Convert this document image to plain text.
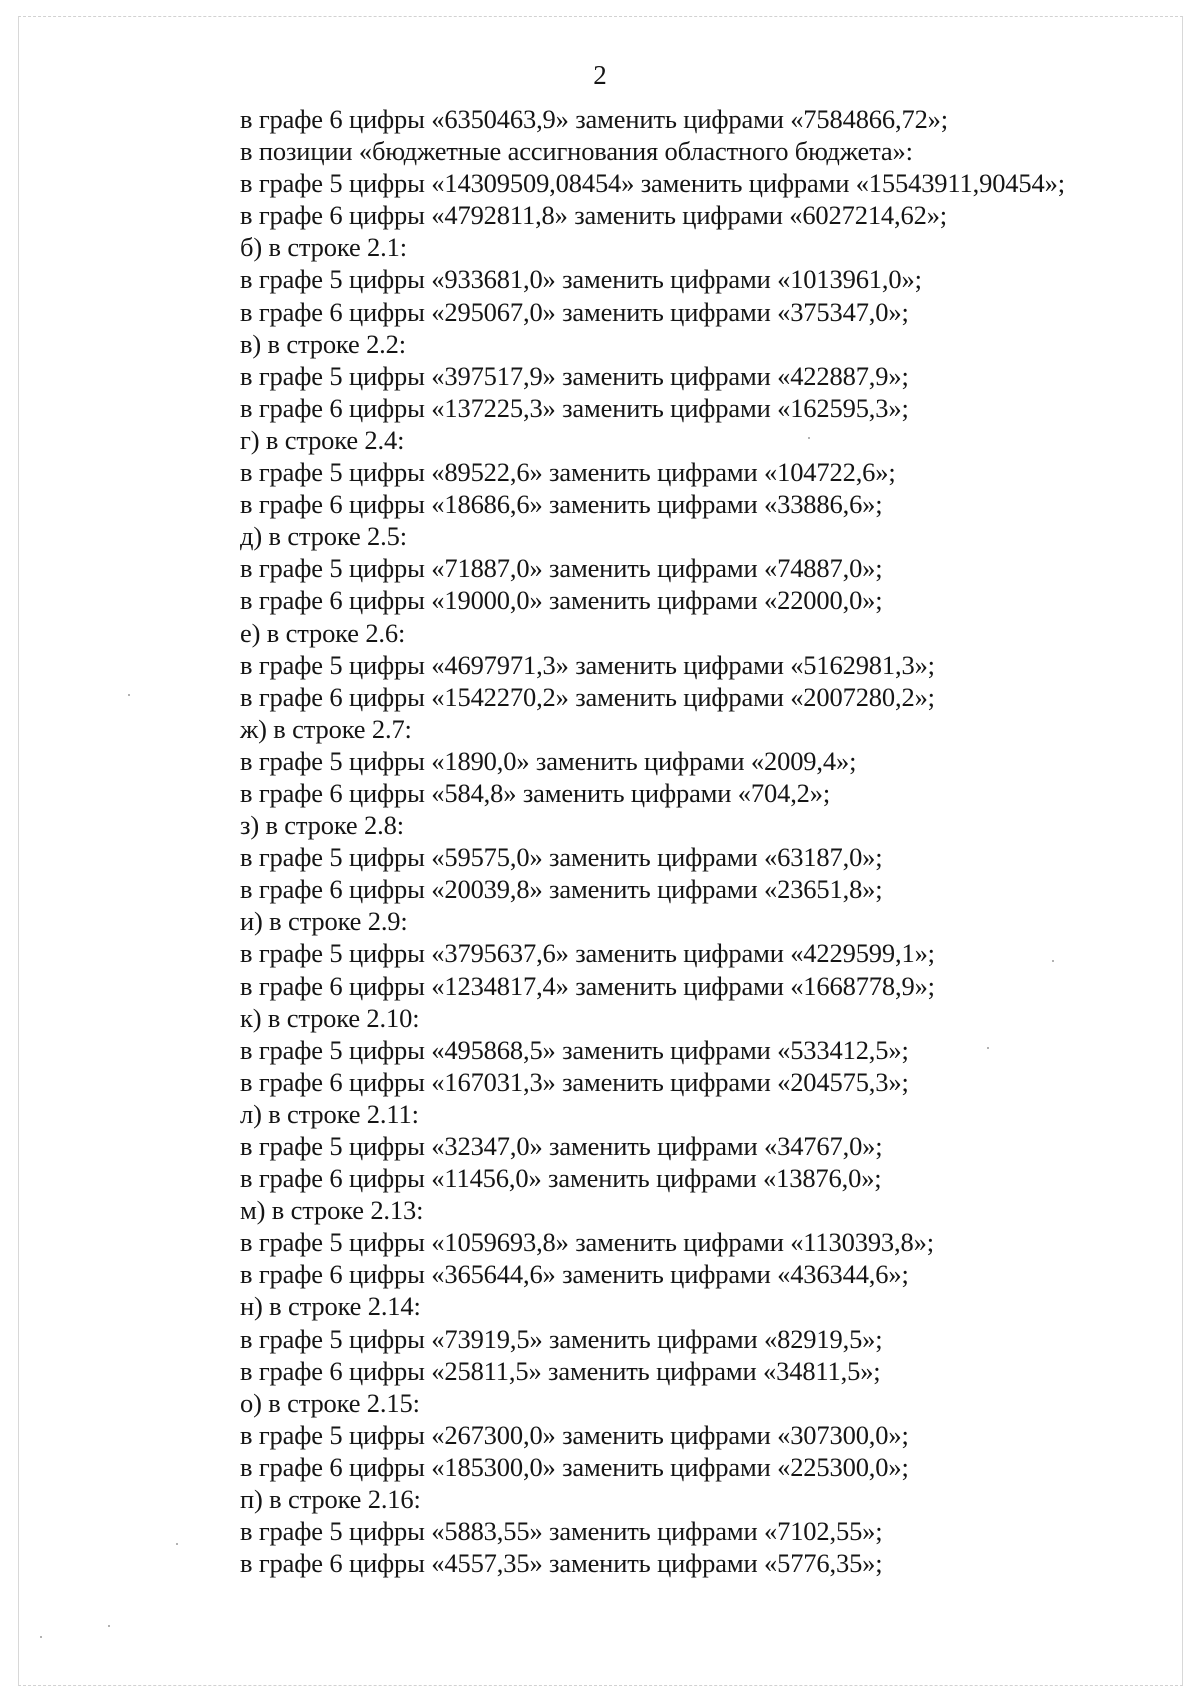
2

в графе 6 цифры «6350463,9» заменить цифрами «7584866,72»;
в позиции «бюджетные ассигнования областного бюджета»:
в графе 5 цифры «14309509,08454» заменить цифрами «15543911,90454»;
в графе 6 цифры «4792811,8» заменить цифрами «6027214,62»;
б) в строке 2.1:
в графе 5 цифры «933681,0» заменить цифрами «1013961,0»;
в графе 6 цифры «295067,0» заменить цифрами «375347,0»;
в) в строке 2.2:
в графе 5 цифры «397517,9» заменить цифрами «422887,9»;
в графе 6 цифры «137225,3» заменить цифрами «162595,3»;
г) в строке 2.4:
в графе 5 цифры «89522,6» заменить цифрами «104722,6»;
в графе 6 цифры «18686,6» заменить цифрами «33886,6»;
д) в строке 2.5:
в графе 5 цифры «71887,0» заменить цифрами «74887,0»;
в графе 6 цифры «19000,0» заменить цифрами «22000,0»;
е) в строке 2.6:
в графе 5 цифры «4697971,3» заменить цифрами «5162981,3»;
в графе 6 цифры «1542270,2» заменить цифрами «2007280,2»;
ж) в строке 2.7:
в графе 5 цифры «1890,0» заменить цифрами «2009,4»;
в графе 6 цифры «584,8» заменить цифрами «704,2»;
з) в строке 2.8:
в графе 5 цифры «59575,0» заменить цифрами «63187,0»;
в графе 6 цифры «20039,8» заменить цифрами «23651,8»;
и) в строке 2.9:
в графе 5 цифры «3795637,6» заменить цифрами «4229599,1»;
в графе 6 цифры «1234817,4» заменить цифрами «1668778,9»;
к) в строке 2.10:
в графе 5 цифры «495868,5» заменить цифрами «533412,5»;
в графе 6 цифры «167031,3» заменить цифрами «204575,3»;
л) в строке 2.11:
в графе 5 цифры «32347,0» заменить цифрами «34767,0»;
в графе 6 цифры «11456,0» заменить цифрами «13876,0»;
м) в строке 2.13:
в графе 5 цифры «1059693,8» заменить цифрами «1130393,8»;
в графе 6 цифры «365644,6» заменить цифрами «436344,6»;
н) в строке 2.14:
в графе 5 цифры «73919,5» заменить цифрами «82919,5»;
в графе 6 цифры «25811,5» заменить цифрами «34811,5»;
о) в строке 2.15:
в графе 5 цифры «267300,0» заменить цифрами «307300,0»;
в графе 6 цифры «185300,0» заменить цифрами «225300,0»;
п) в строке 2.16:
в графе 5 цифры «5883,55» заменить цифрами «7102,55»;
в графе 6 цифры «4557,35» заменить цифрами «5776,35»;
